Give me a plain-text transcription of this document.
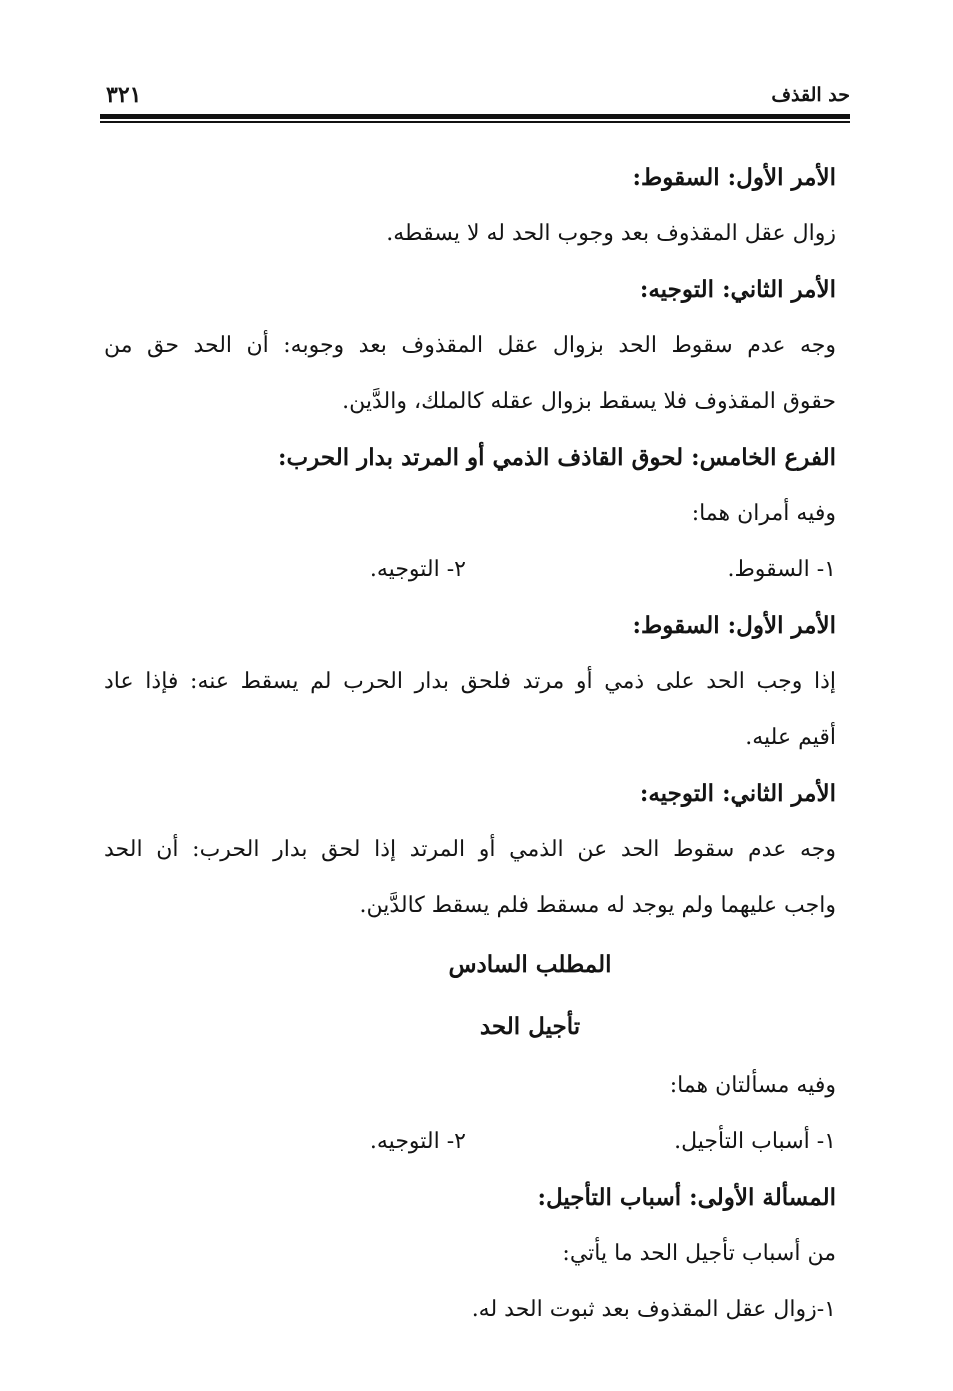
حد القذف
٣٢١
الأمر الأول: السقوط:
زوال عقل المقذوف بعد وجوب الحد له لا يسقطه.
الأمر الثاني: التوجيه:
وجه عدم سقوط الحد بزوال عقل المقذوف بعد وجوبه: أن الحد حق من
حقوق المقذوف فلا يسقط بزوال عقله كالملك، والدَّين.
الفرع الخامس: لحوق القاذف الذمي أو المرتد بدار الحرب:
وفيه أمران هما:
١- السقوط.
٢- التوجيه.
الأمر الأول: السقوط:
إذا وجب الحد على ذمي أو مرتد فلحق بدار الحرب لم يسقط عنه: فإذا عاد
أقيم عليه.
الأمر الثاني: التوجيه:
وجه عدم سقوط الحد عن الذمي أو المرتد إذا لحق بدار الحرب: أن الحد
واجب عليهما ولم يوجد له مسقط فلم يسقط كالدَّين.
المطلب السادس
تأجيل الحد
وفيه مسألتان هما:
١- أسباب التأجيل.
٢- التوجيه.
المسألة الأولى: أسباب التأجيل:
من أسباب تأجيل الحد ما يأتي:
١-زوال عقل المقذوف بعد ثبوت الحد له.
